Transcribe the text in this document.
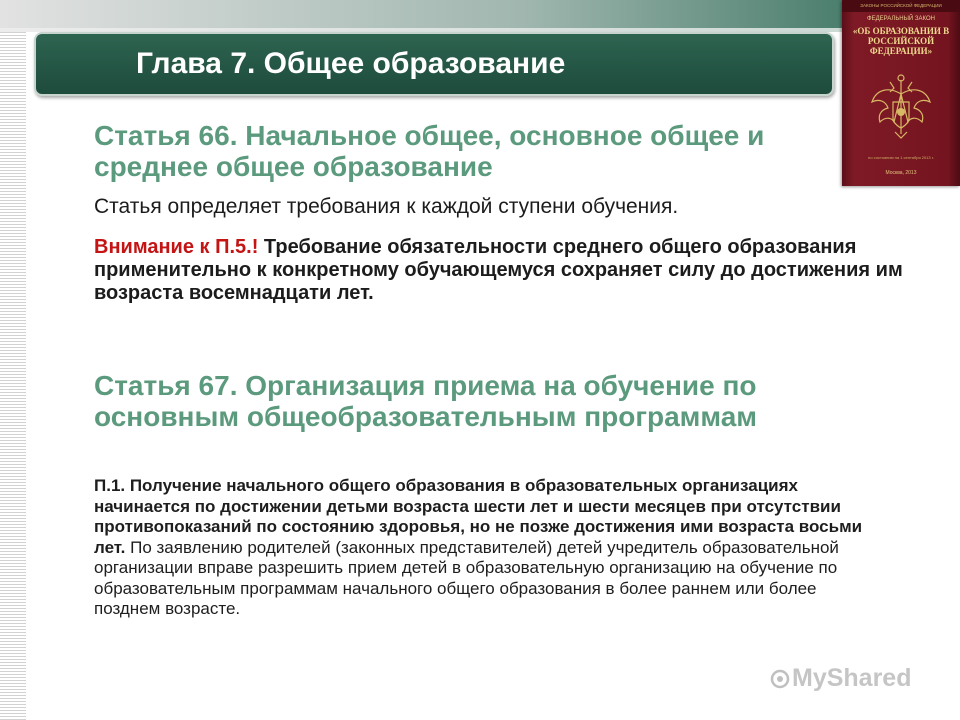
Глава 7. Общее образование
ЗАКОНЫ РОССИЙСКОЙ ФЕДЕРАЦИИ
ФЕДЕРАЛЬНЫЙ ЗАКОН
«ОБ ОБРАЗОВАНИИ В РОССИЙСКОЙ ФЕДЕРАЦИИ»
по состоянию на 1 сентября 2013 г.
Москва, 2013
Статья 66. Начальное общее, основное общее и среднее общее образование

Статья определяет требования к каждой ступени обучения.

Внимание к П.5.! Требование обязательности среднего общего образования применительно к конкретному обучающемуся сохраняет силу до достижения им возраста восемнадцати лет.

Статья 67. Организация приема на обучение по основным общеобразовательным программам

П.1. Получение начального общего образования в образовательных организациях начинается по достижении детьми возраста шести лет и шести месяцев при отсутствии противопоказаний по состоянию здоровья, но не позже достижения ими возраста восьми лет. По заявлению родителей (законных представителей) детей учредитель образовательной организации вправе разрешить прием детей в образовательную организацию на обучение по образовательным программам начального общего образования в более раннем или более позднем возрасте.

MyShared
